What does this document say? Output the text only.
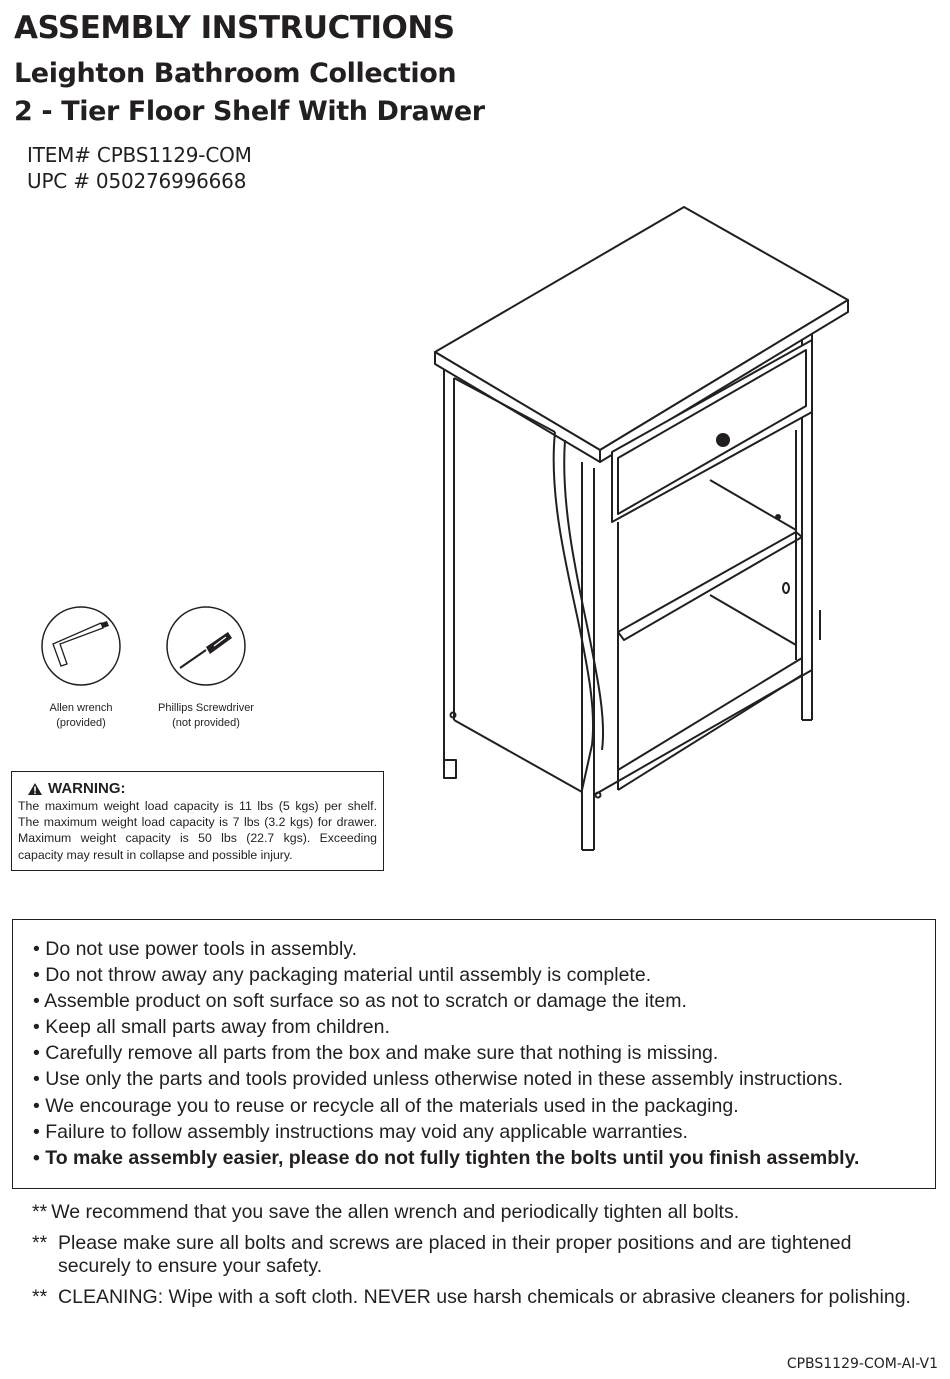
ASSEMBLY INSTRUCTIONS
Leighton Bathroom Collection
2 - Tier Floor Shelf With Drawer
ITEM# CPBS1129-COM
UPC # 050276996668
Allen wrench
(provided)
Phillips Screwdriver
(not provided)
WARNING:
The maximum weight load capacity is 11 lbs (5 kgs) per shelf. The maximum weight load capacity is 7 lbs (3.2 kgs) for drawer. Maximum weight capacity is 50 lbs (22.7 kgs). Exceeding capacity may result in collapse and possible injury.
• Do not use power tools in assembly.
• Do not throw away any packaging material until assembly is complete.
• Assemble product on soft surface so as not to scratch or damage the item.
• Keep all small parts away from children.
• Carefully remove all parts from the box and make sure that nothing is missing.
• Use only the parts and tools provided unless otherwise noted in these assembly instructions.
• We encourage you to reuse or recycle all of the materials used in the packaging.
• Failure to follow assembly instructions may void any applicable warranties.
• To make assembly easier, please do not fully tighten the bolts until you finish assembly.
** We recommend that you save the allen wrench and periodically tighten all bolts.
** Please make sure all bolts and screws are placed in their proper positions and are tightened securely to ensure your safety.
** CLEANING: Wipe with a soft cloth. NEVER use harsh chemicals or abrasive cleaners for polishing.
CPBS1129-COM-AI-V1
